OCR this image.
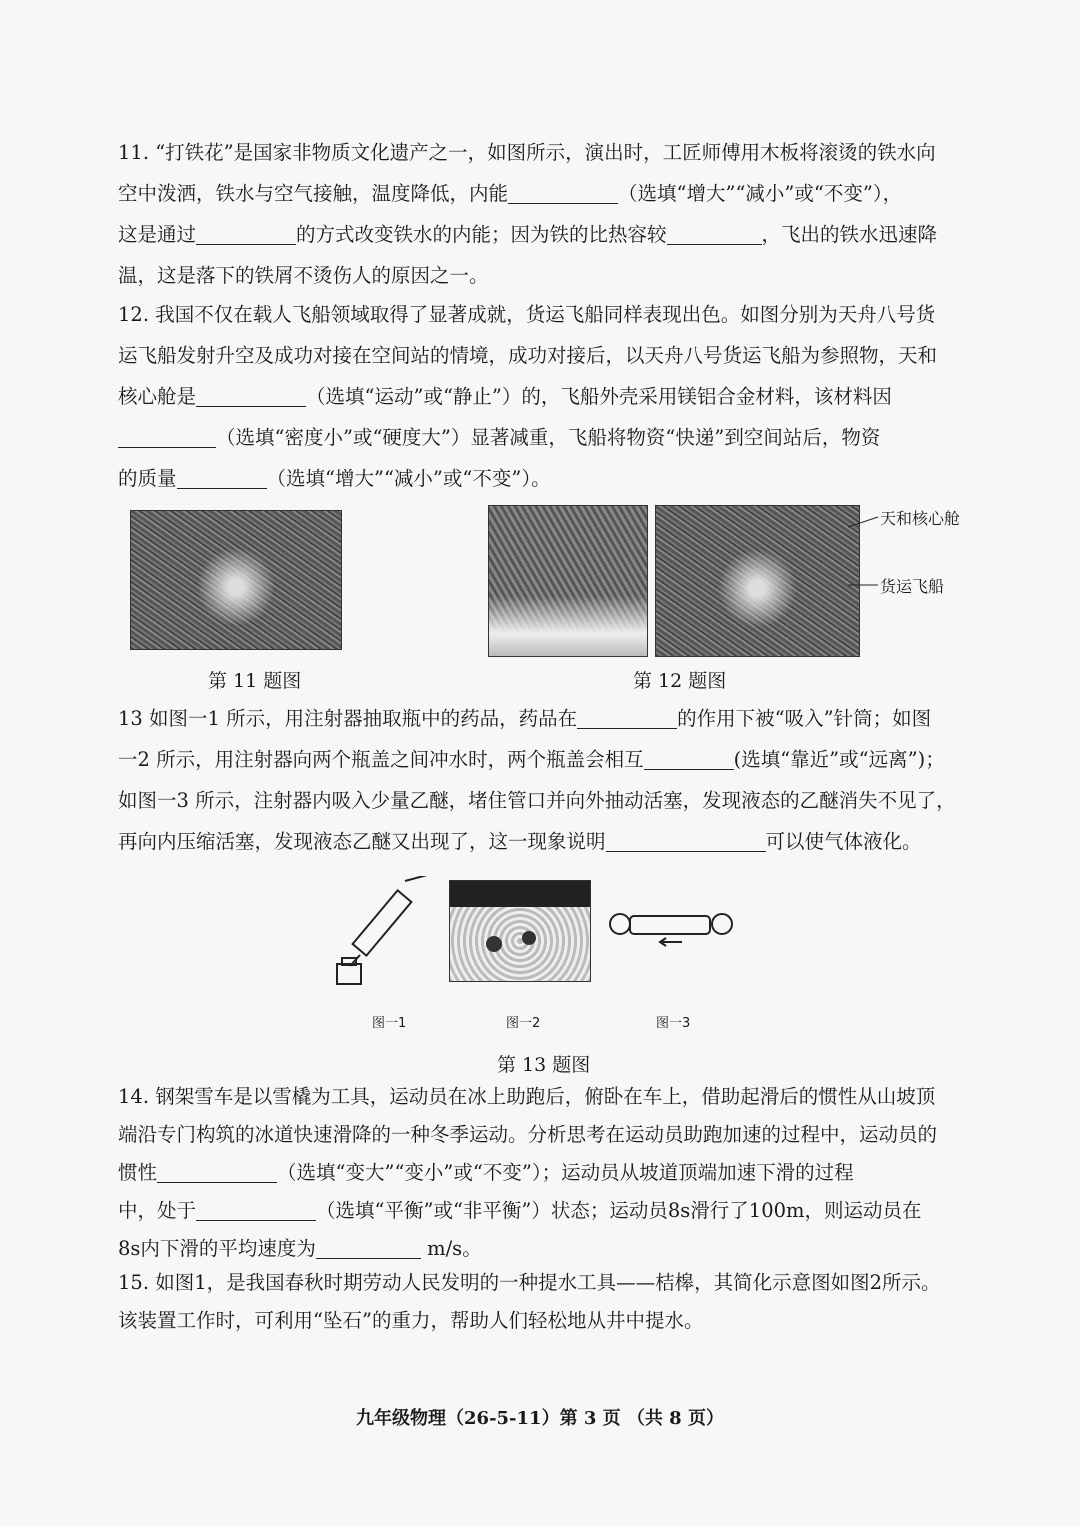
11. “打铁花”是国家非物质文化遗产之一，如图所示，演出时，工匠师傅用木板将滚烫的铁水向
空中泼洒，铁水与空气接触，温度降低，内能	（选填“增大”“减小”或“不变”），
这是通过	的方式改变铁水的内能；因为铁的比热容较	，飞出的铁水迅速降
温，这是落下的铁屑不烫伤人的原因之一。
12. 我国不仅在载人飞船领域取得了显著成就，货运飞船同样表现出色。如图分别为天舟八号货
运飞船发射升空及成功对接在空间站的情境，成功对接后，以天舟八号货运飞船为参照物，天和
核心舱是	（选填“运动”或“静止”）的，飞船外壳采用镁铝合金材料，该材料因
（选填“密度小”或“硬度大”）显著减重，飞船将物资“快递”到空间站后，物资
的质量	（选填“增大”“减小”或“不变”）。
第 11 题图
天和核心舱
货运飞船
第 12 题图
13 如图一1 所示，用注射器抽取瓶中的药品，药品在	的作用下被“吸入”针筒；如图
一2 所示，用注射器向两个瓶盖之间冲水时，两个瓶盖会相互	(选填“靠近”或“远离”)；
如图一3 所示，注射器内吸入少量乙醚，堵住管口并向外抽动活塞，发现液态的乙醚消失不见了，
再向内压缩活塞，发现液态乙醚又出现了，这一现象说明	可以使气体液化。
图一1	图一2	图一3
第 13 题图
14. 钢架雪车是以雪橇为工具，运动员在冰上助跑后，俯卧在车上，借助起滑后的惯性从山坡顶
端沿专门构筑的冰道快速滑降的一种冬季运动。分析思考在运动员助跑加速的过程中，运动员的
惯性	（选填“变大”“变小”或“不变”）；运动员从坡道顶端加速下滑的过程
中，处于	（选填“平衡”或“非平衡”）状态；运动员8s滑行了100m，则运动员在
8s内下滑的平均速度为	m/s。
15. 如图1，是我国春秋时期劳动人民发明的一种提水工具——桔槔，其简化示意图如图2所示。
该装置工作时，可利用“坠石”的重力，帮助人们轻松地从井中提水。
九年级物理（26-5-11）第 3 页 （共 8 页）
